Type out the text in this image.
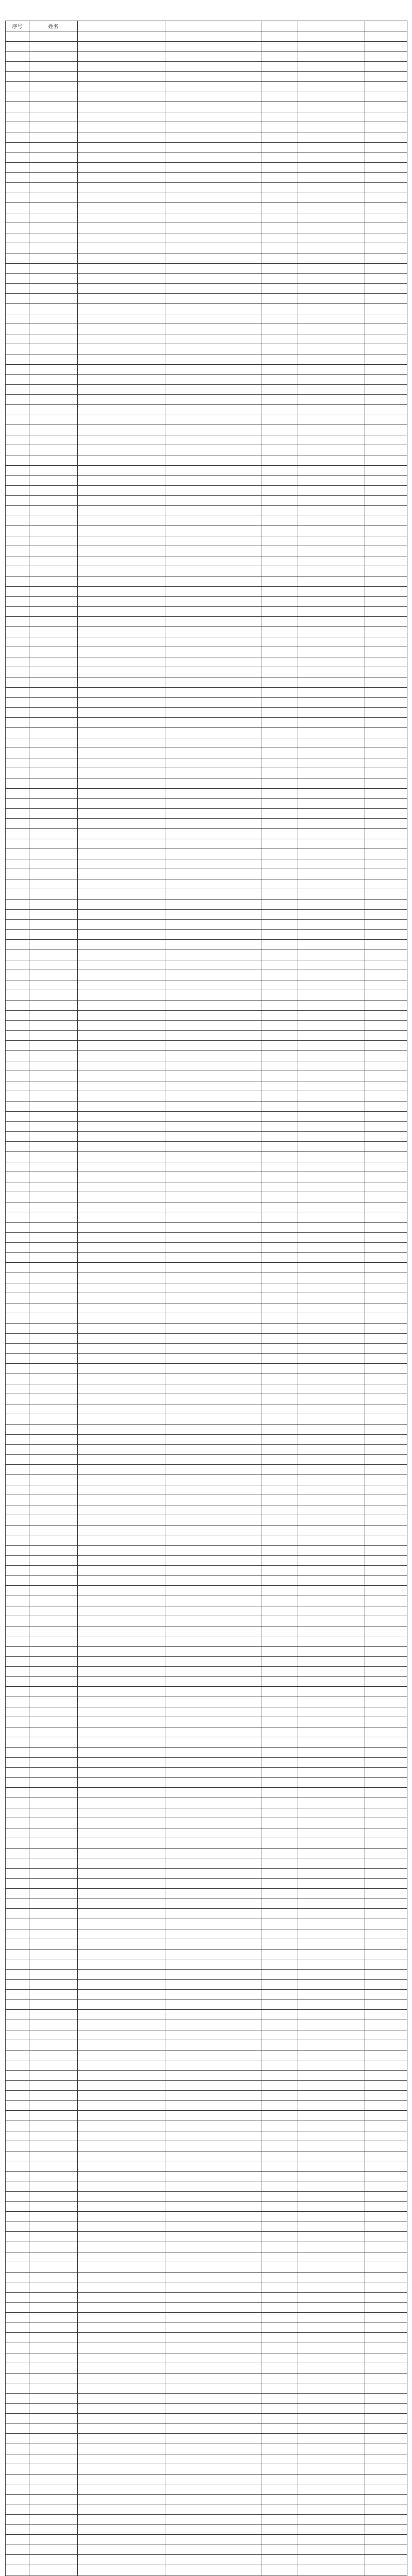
序号	姓名					
